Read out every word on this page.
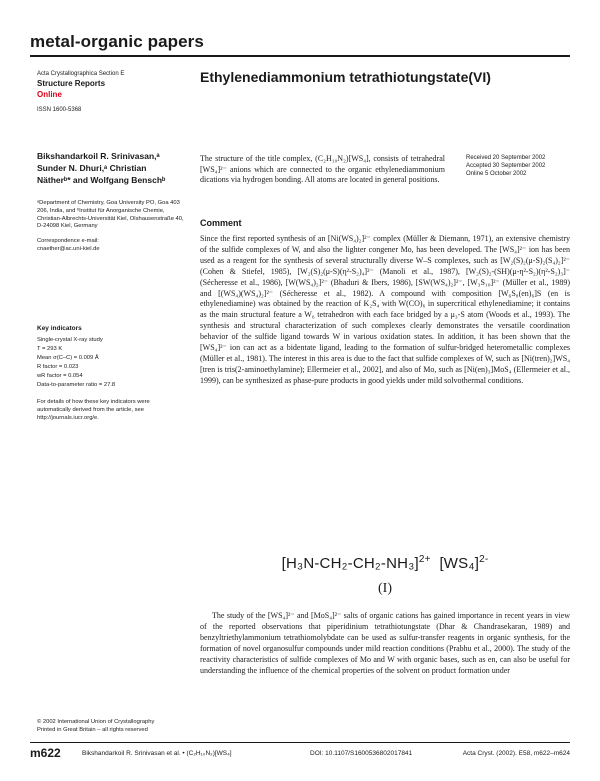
metal-organic papers
Acta Crystallographica Section E
Structure Reports
Online
ISSN 1600-5368
Ethylenediammonium tetrathiotungstate(VI)
Bikshandarkoil R. Srinivasan,ᵃ
Sunder N. Dhuri,ᵃ Christian
Nätherᵇ* and Wolfgang Benschᵇ

ᵃDepartment of Chemistry, Goa University PO, Goa 403 206, India, and ᵇInstitut für Anorganische Chemie, Christian-Albrechts-Universität Kiel, Olshausenstraße 40, D-24098 Kiel, Germany

Correspondence e-mail:
cnaether@ac.uni-kiel.de
Key indicators
Single-crystal X-ray study
T = 293 K
Mean σ(C–C) = 0.009 Å
R factor = 0.023
wR factor = 0.054
Data-to-parameter ratio = 27.8
For details of how these key indicators were automatically derived from the article, see http://journals.iucr.org/e.
The structure of the title complex, (C₂H₁₀N₂)[WS₄], consists of tetrahedral [WS₄]²⁻ anions which are connected to the organic ethylenediammonium dications via hydrogen bonding. All atoms are located in general positions.
Received 20 September 2002
Accepted 30 September 2002
Online 5 October 2002
Comment
Since the first reported synthesis of an [Ni(WS₄)₂]²⁻ complex (Müller & Diemann, 1971), an extensive chemistry of the sulfide complexes of W, and also the lighter congener Mo, has been developed. The [WS₄]²⁻ ion has been used as a reagent for the synthesis of several structurally diverse W–S complexes, such as [W₂(S)₂(μ-S)₂(S₄)₂]²⁻ (Cohen & Stiefel, 1985), [W₂(S)₂(μ-S)(η²-S₂)₄]²⁻ (Manoli et al., 1987), [W₂(S)₂-(SH)(μ-η²-S₂)(η²-S₂)₃]⁻ (Sécheresse et al., 1986), [W(WS₄)₂]²⁻ (Bhaduri & Ibers, 1986), [SW(WS₄)₂]²⁻, [W₃S₁₀]²⁻ (Müller et al., 1989) and [(WS₄)(WS₄)₂]²⁻ (Sécheresse et al., 1982). A compound with composition [W₆S₈(en)₆]S (en is ethylenediamine) was obtained by the reaction of K₂S₄ with W(CO)₆ in supercritical ethylenediamine; it contains as the main structural feature a W₆ tetrahedron with each face bridged by a μ₃-S atom (Woods et al., 1993). The synthesis and structural characterization of such complexes clearly demonstrates the versatile coordination behavior of the sulfide ligand towards W in various oxidation states. In addition, it has been shown that the [WS₄]²⁻ ion can act as a bidentate ligand, leading to the formation of sulfur-bridged heterometallic complexes (Müller et al., 1981). The interest in this area is due to the fact that sulfide complexes of W, such as [Ni(tren)₂]WS₄ [tren is tris(2-aminoethylamine); Ellermeier et al., 2002], and also of Mo, such as [Ni(en)₃]MoS₄ (Ellermeier et al., 1999), can be synthesized as phase-pure products in good yields under mild solvothermal conditions.
$[H_3N-CH_2-CH_2-NH_3]^{2+}$ $[WS_4]^{2-}$
(I)
The study of the [WS₄]²⁻ and [MoS₄]²⁻ salts of organic cations has gained importance in recent years in view of the reported observations that piperidinium tetrathiotungstate (Dhar & Chandrasekaran, 1989) and benzyltriethylammonium tetrathiomolybdate can be used as sulfur-transfer reagents in organic synthesis, for the formation of novel organosulfur compounds under mild reaction conditions (Prabhu et al., 2000). The study of the reactivity characteristics of sulfide complexes of Mo and W with organic bases, such as en, can also be useful for understanding the influence of the chemical properties of the solvent on product formation under
© 2002 International Union of Crystallography
Printed in Great Britain – all rights reserved
m622	Bikshandarkoil R. Srinivasan et al. • (C₂H₁₀N₂)[WS₄]	DOI: 10.1107/S1600536802017841	Acta Cryst. (2002). E58, m622–m624
